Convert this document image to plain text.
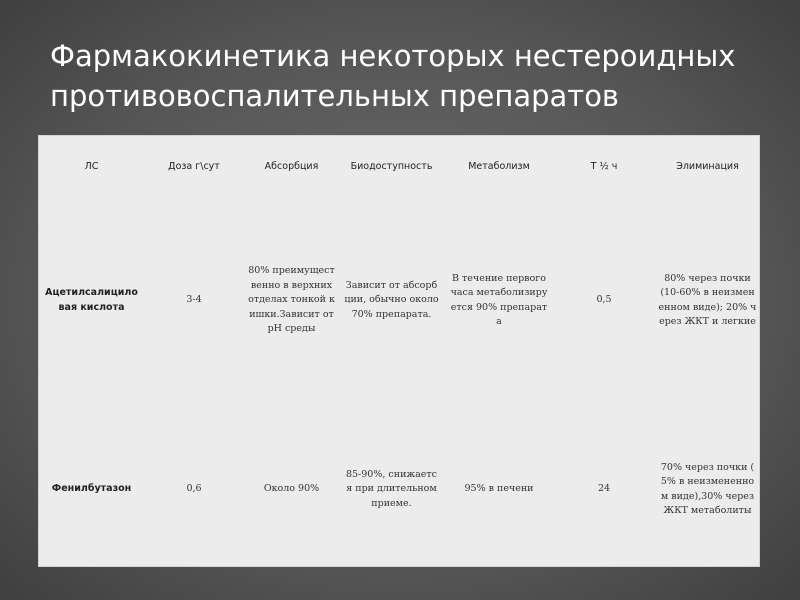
Фармакокинетика некоторых нестероидных
противовоспалительных препаратов
ЛС	Доза г\сут	Абсорбция	Биодоступность	Метаболизм	Т ½ ч	Элиминация
Ацетилсалициловая кислота	3-4	80% преимущественно в верхних отделах тонкой кишки.Зависит от pH среды	Зависит от абсорбции, обычно около 70% препарата.	В течение первого часа метаболизируется 90% препарата	0,5	80% через почки (10-60% в неизмененном виде); 20% через ЖКТ и легкие
Фенилбутазон	0,6	Около 90%	85-90%, снижается при длительном приеме.	95% в печени	24	70% через почки ( 5% в неизмененном виде),30% через ЖКТ метаболиты
